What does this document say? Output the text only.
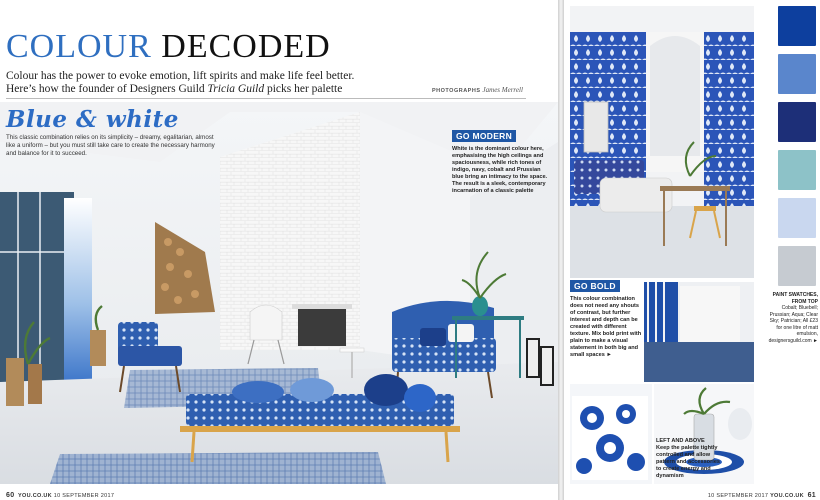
COLOUR DECODED

Colour has the power to evoke emotion, lift spirits and make life feel better.
Here’s how the founder of Designers Guild Tricia Guild picks her palette	PHOTOGRAPHS James Merrell
Blue & white

This classic combination relies on its simplicity – dreamy, egalitarian, almost like a uniform – but you must still take care to create the necessary harmony and balance for it to succeed.

GO MODERN

White is the dominant colour here, emphasising the high ceilings and spaciousness, while rich tones of indigo, navy, cobalt and Prussian blue bring an intimacy to the space. The result is a sleek, contemporary incarnation of a classic palette

60 YOU.CO.UK 10 SEPTEMBER 2017
GO BOLD

This colour combination does not need any shouts of contrast, but further interest and depth can be created with different texture. Mix bold print with plain to make a visual statement in both big and small spaces ►

LEFT AND ABOVE
Keep the palette tightly controlled and allow pattern and accessories to create energy and dynamism

10 SEPTEMBER 2017 YOU.CO.UK 61

PAINT SWATCHES, FROM TOP
Cobalt; Bluebell; Prussian; Aqua; Clear Sky; Patrician; All £23 for one litre of matt emulsion, designersguild.com ►
